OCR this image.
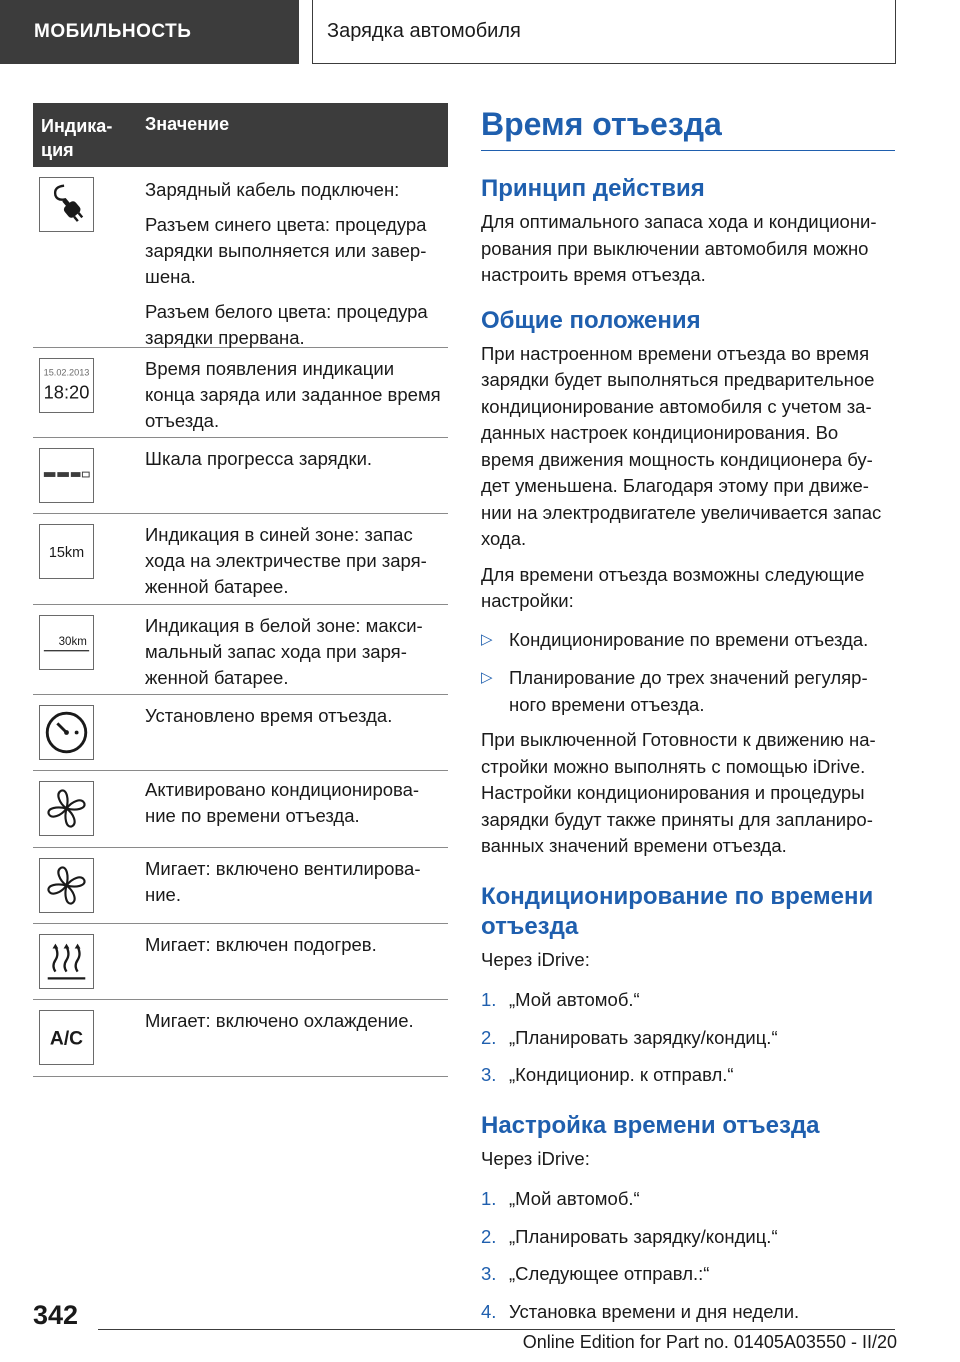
МОБИЛЬНОСТЬ	Зарядка автомобиля
Индика-
ция
Значение

Зарядный кабель подключен:

Разъем синего цвета: процедура зарядки выполняется или завер-шена.

Разъем белого цвета: процедура зарядки прервана.

15.02.2013
18:20

Время появления индикации конца заряда или заданное время отъезда.

Шкала прогресса зарядки.

15km

Индикация в синей зоне: запас хода на электричестве при заря-женной батарее.

30km

Индикация в белой зоне: макси-мальный запас хода при заря-женной батарее.

Установлено время отъезда.

Активировано кондиционирова-ние по времени отъезда.

Мигает: включено вентилирова-ние.

Мигает: включен подогрев.

A/C

Мигает: включено охлаждение.

Время отъезда
Принцип действия

Для оптимального запаса хода и кондициони-рования при выключении автомобиля можно настроить время отъезда.

Общие положения

При настроенном времени отъезда во время зарядки будет выполняться предварительное кондиционирование автомобиля с учетом за-данных настроек кондиционирования. Во время движения мощность кондиционера бу-дет уменьшена. Благодаря этому при движе-нии на электродвигателе увеличивается запас хода.

Для времени отъезда возможны следующие настройки:

▷ Кондиционирование по времени отъезда.
▷ Планирование до трех значений регуляр-ного времени отъезда.

При выключенной Готовности к движению на-стройки можно выполнять с помощью iDrive. Настройки кондиционирования и процедуры зарядки будут также приняты для запланиро-ванных значений времени отъезда.

Кондиционирование по времени отъезда

Через iDrive:

1. „Мой автомоб.“
2. „Планировать зарядку/кондиц.“
3. „Кондиционир. к отправл.“
Настройка времени отъезда

Через iDrive:

1. „Мой автомоб.“
2. „Планировать зарядку/кондиц.“
3. „Следующее отправл.:“
4. Установка времени и дня недели.
342
Online Edition for Part no. 01405A03550 - II/20
